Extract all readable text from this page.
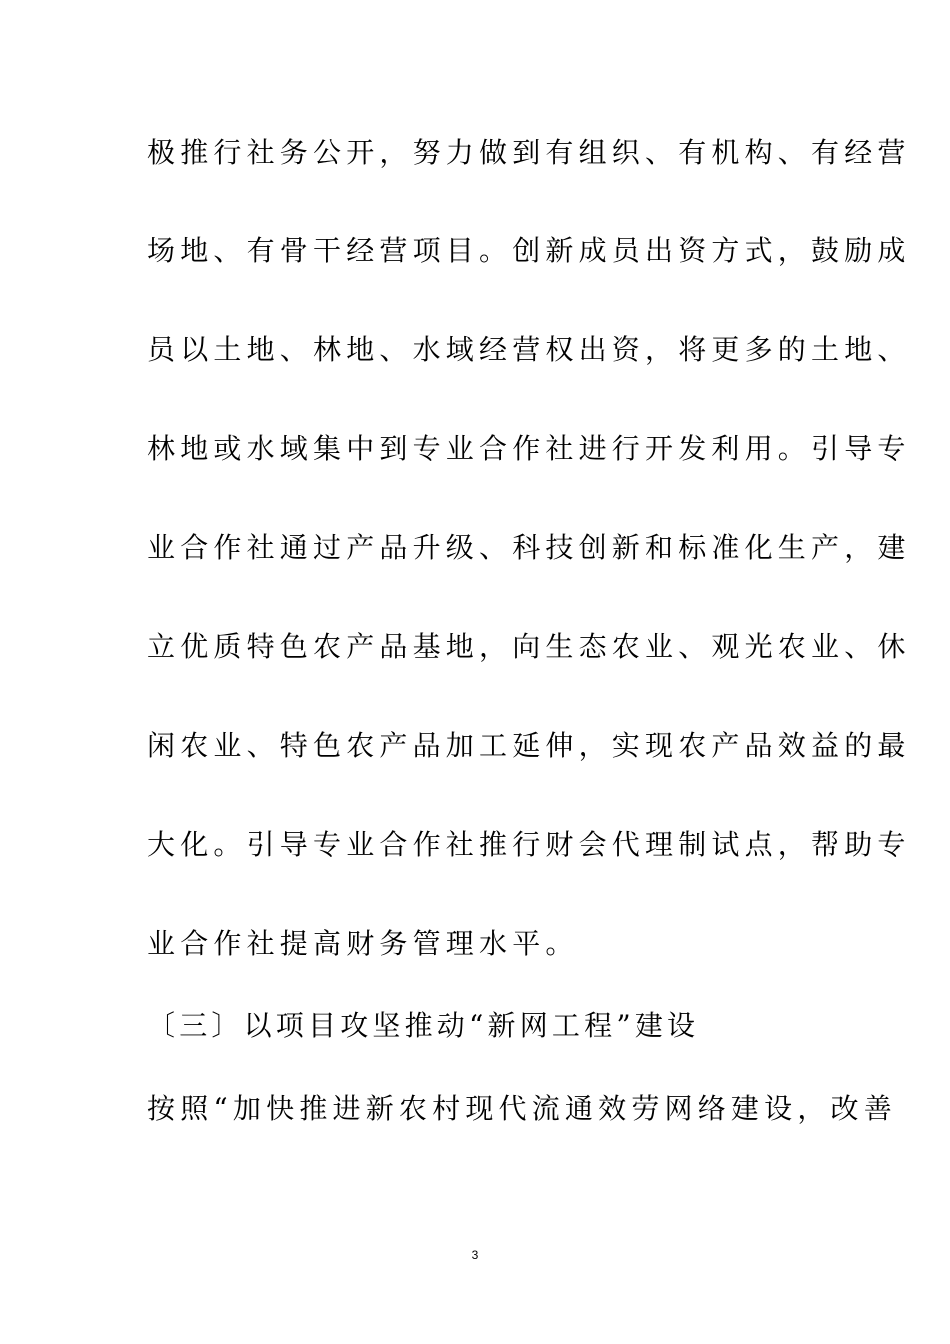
极推行社务公开，努力做到有组织、有机构、有经营
场地、有骨干经营项目。创新成员出资方式，鼓励成
员以土地、林地、水域经营权出资，将更多的土地、
林地或水域集中到专业合作社进行开发利用。引导专
业合作社通过产品升级、科技创新和标准化生产，建
立优质特色农产品基地，向生态农业、观光农业、休
闲农业、特色农产品加工延伸，实现农产品效益的最
大化。引导专业合作社推行财会代理制试点，帮助专
业合作社提高财务管理水平。
〔三〕以项目攻坚推动“新网工程”建设
按照“加快推进新农村现代流通效劳网络建设，改善
3
